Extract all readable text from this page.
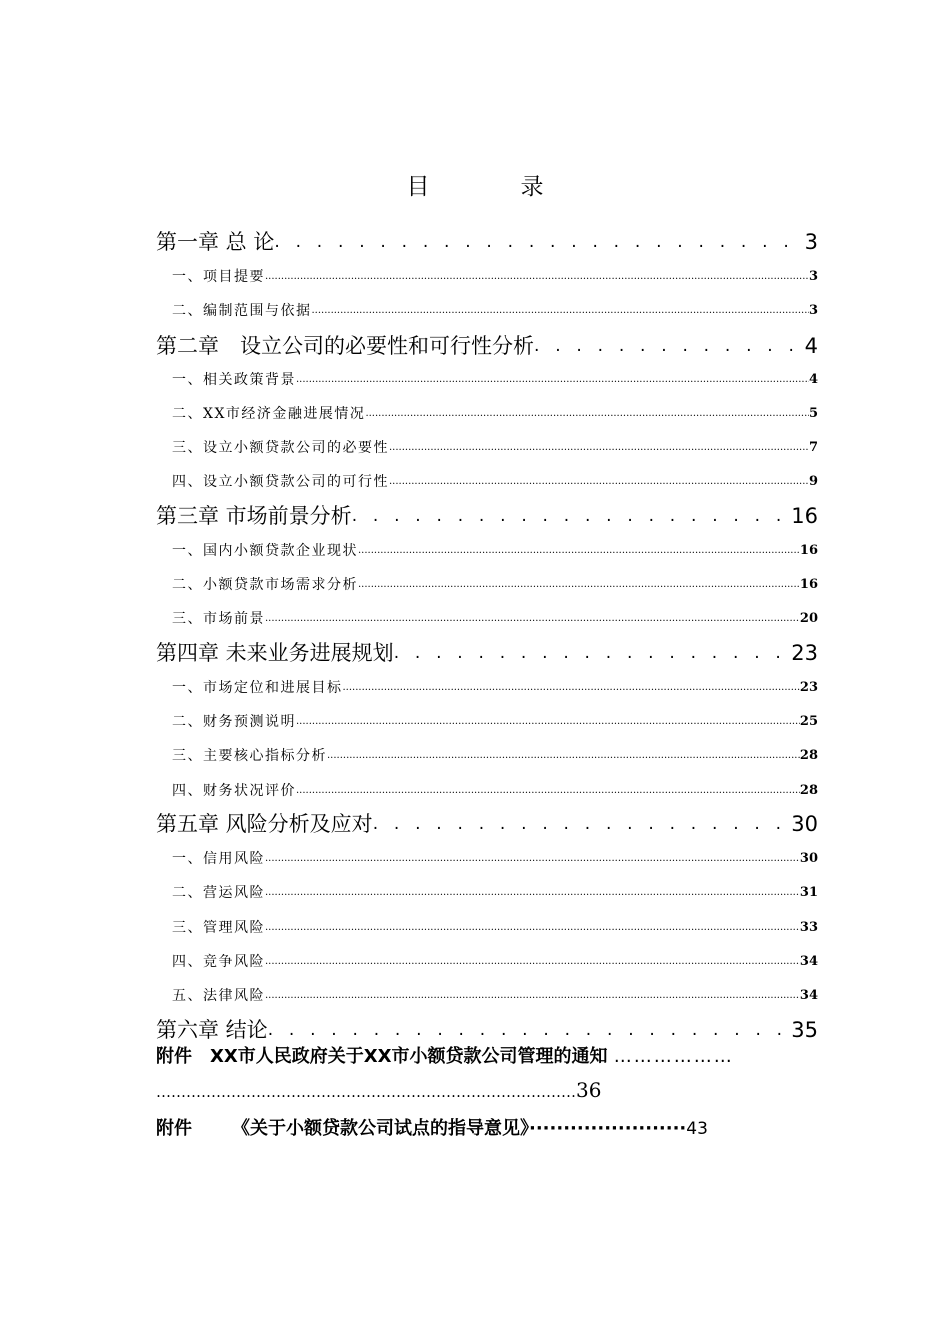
目　录
第一章 总 论 . . .	3
一、项目提要 .....	3
二、编制范围与依据 .....	3
第二章　设立公司的必要性和可行性分析 . . .	4
一、相关政策背景 .....	4
二、XX市经济金融进展情况 .....	5
三、设立小额贷款公司的必要性 .....	7
四、设立小额贷款公司的可行性 .....	9
第三章 市场前景分析 . . .	16
一、国内小额贷款企业现状 .....	16
二、小额贷款市场需求分析 .....	16
三、市场前景 .....	20
第四章 未来业务进展规划 . . .	23
一、市场定位和进展目标 .....	23
二、财务预测说明 .....	25
三、主要核心指标分析 .....	28
四、财务状况评价 .....	28
第五章 风险分析及应对 . . .	30
一、信用风险 .....	30
二、营运风险 .....	31
三、管理风险 .....	33
四、竞争风险 .....	34
五、法律风险 .....	34
第六章 结论 . . .	35
附件　XX市人民政府关于XX市小额贷款公司管理的通知 ………………
…………………………………………………………………………36
附件 《关于小额贷款公司试点的指导意见》·······················43
